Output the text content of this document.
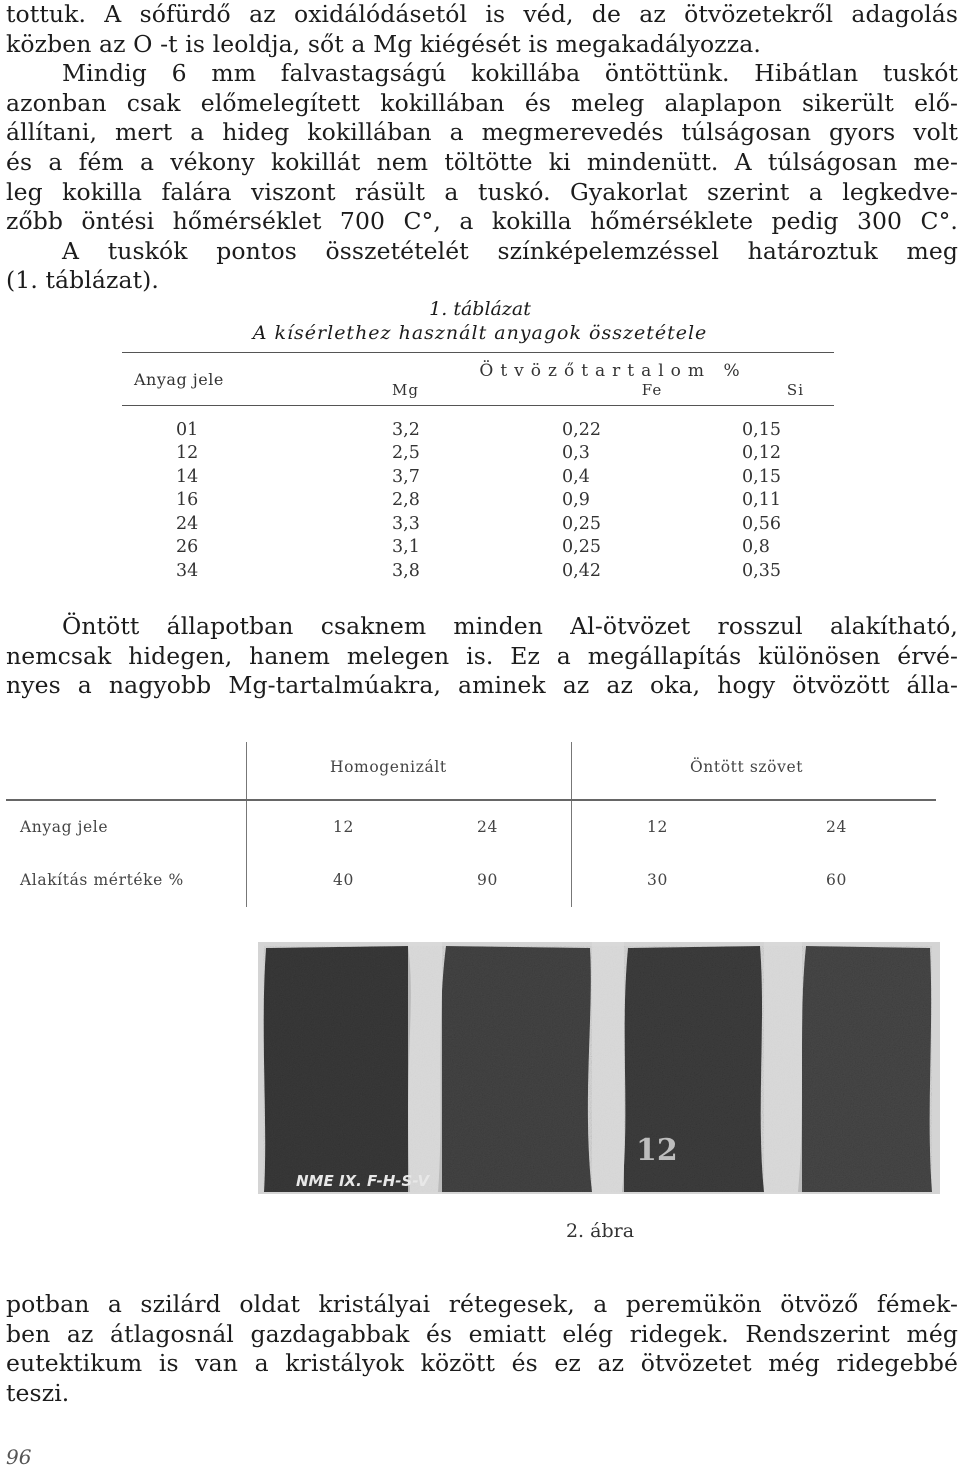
tottuk. A sófürdő az oxidálódásetól is véd, de az ötvözetekről adagolás
közben az O -t is leoldja, sőt a Mg kiégését is megakadályozza.
Mindig 6 mm falvastagságú kokillába öntöttünk. Hibátlan tuskót
azonban csak előmelegített kokillában és meleg alaplapon sikerült elő-
állítani, mert a hideg kokillában a megmerevedés túlságosan gyors volt
és a fém a vékony kokillát nem töltötte ki mindenütt. A túlságosan me-
leg kokilla falára viszont rásült a tuskó. Gyakorlat szerint a legkedve-
zőbb öntési hőmérséklet 700 C°, a kokilla hőmérséklete pedig 300 C°.
A tuskók pontos összetételét színképelemzéssel határoztuk meg
(1. táblázat).
1. táblázat
A kísérlethez használt anyagok összetétele
Anyag jele	Ötvözőtartalom %		
	Mg	Fe	Si

01	3,2	0,22	0,15
12	2,5	0,3	0,12
14	3,7	0,4	0,15
16	2,8	0,9	0,11
24	3,3	0,25	0,56
26	3,1	0,25	0,8
34	3,8	0,42	0,35
Öntött állapotban csaknem minden Al-ötvözet rosszul alakítható,
nemcsak hidegen, hanem melegen is. Ez a megállapítás különösen érvé-
nyes a nagyobb Mg-tartalmúakra, aminek az az oka, hogy ötvözött álla-
Homogenizált	Öntött szövet
Anyag jele	12	24	12	24
Alakítás mértéke %	40	90	30	60
NME IX. F-H-S-V
12
2. ábra
potban a szilárd oldat kristályai rétegesek, a peremükön ötvöző fémek-
ben az átlagosnál gazdagabbak és emiatt elég ridegek. Rendszerint még
eutektikum is van a kristályok között és ez az ötvözetet még ridegebbé
teszi.
96
